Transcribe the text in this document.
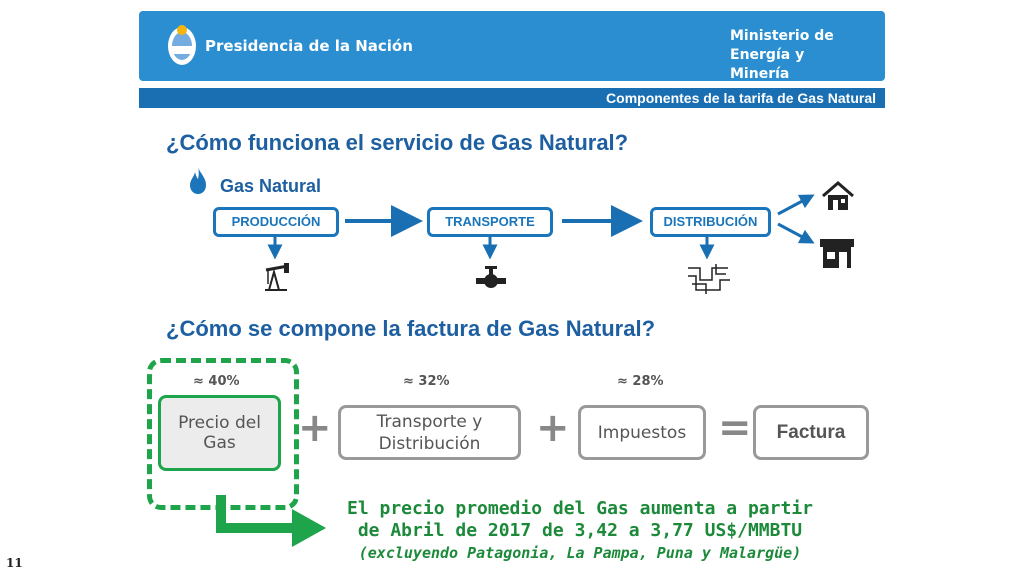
Presidencia de la Nación
Ministerio de
Energía y Minería
Componentes de la tarifa de Gas Natural
¿Cómo funciona el servicio de Gas Natural?
Gas Natural
PRODUCCIÓN	TRANSPORTE	DISTRIBUCIÓN
¿Cómo se compone la factura de Gas Natural?
≈ 40%	≈ 32%	≈ 28%
Precio del Gas	+	Transporte y Distribución	+ Impuestos = Factura
El precio promedio del Gas aumenta a partir
de Abril de 2017 de 3,42 a 3,77 US$/MMBTU
(excluyendo Patagonia, La Pampa, Puna y Malargüe)
11
